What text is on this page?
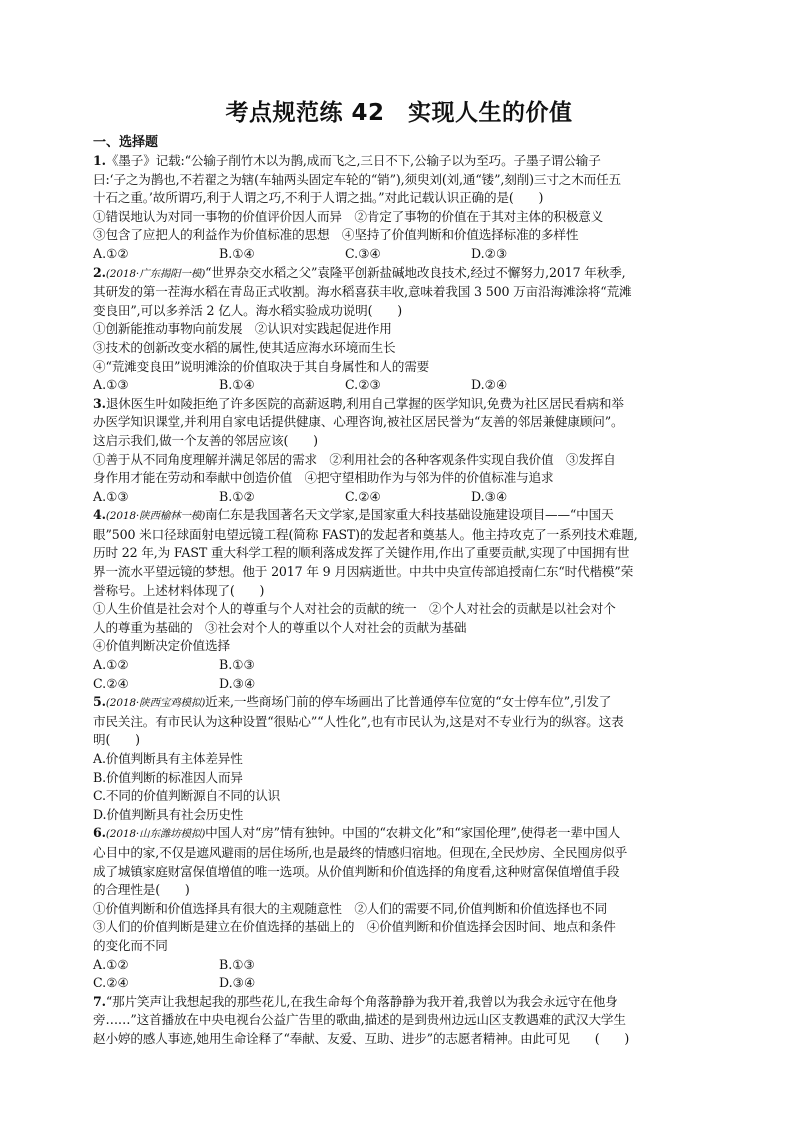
考点规范练 42　实现人生的价值
一、选择题

1.《墨子》记载:“公输子削竹木以为鹊,成而飞之,三日不下,公输子以为至巧。子墨子谓公输子

曰:‘子之为鹊也,不若翟之为辖(车轴两头固定车轮的“销”),须臾刘(刘,通“镂”,刻削)三寸之木而任五

十石之重。’故所谓巧,利于人谓之巧,不利于人谓之拙。”对此记载认识正确的是(　　)

①错误地认为对同一事物的价值评价因人而异　②肯定了事物的价值在于其对主体的积极意义

③包含了应把人的利益作为价值标准的思想　④坚持了价值判断和价值选择标准的多样性

A.①②	B.①④	C.③④	D.②③

2.(2018·广东揭阳一模)“世界杂交水稻之父”袁隆平创新盐碱地改良技术,经过不懈努力,2017 年秋季,

其研发的第一茬海水稻在青岛正式收割。海水稻喜获丰收,意味着我国 3 500 万亩沿海滩涂将“荒滩

变良田”,可以多养活 2 亿人。海水稻实验成功说明(　　)

①创新能推动事物向前发展　②认识对实践起促进作用

③技术的创新改变水稻的属性,使其适应海水环境而生长

④“荒滩变良田”说明滩涂的价值取决于其自身属性和人的需要

A.①③	B.①④	C.②③	D.②④

3.退休医生叶如陵拒绝了许多医院的高薪返聘,利用自己掌握的医学知识,免费为社区居民看病和举

办医学知识课堂,并利用自家电话提供健康、心理咨询,被社区居民誉为“友善的邻居兼健康顾问”。

这启示我们,做一个友善的邻居应该(　　)

①善于从不同角度理解并满足邻居的需求　②利用社会的各种客观条件实现自我价值　③发挥自

身作用才能在劳动和奉献中创造价值　④把守望相助作为与邻为伴的价值标准与追求

A.①③	B.①②	C.②④	D.③④

4.(2018·陕西榆林一模)南仁东是我国著名天文学家,是国家重大科技基础设施建设项目——“中国天

眼”500 米口径球面射电望远镜工程(简称 FAST)的发起者和奠基人。他主持攻克了一系列技术难题,

历时 22 年,为 FAST 重大科学工程的顺利落成发挥了关键作用,作出了重要贡献,实现了中国拥有世

界一流水平望远镜的梦想。他于 2017 年 9 月因病逝世。中共中央宣传部追授南仁东“时代楷模”荣

誉称号。上述材料体现了(　　)

①人生价值是社会对个人的尊重与个人对社会的贡献的统一　②个人对社会的贡献是以社会对个

人的尊重为基础的　③社会对个人的尊重以个人对社会的贡献为基础

④价值判断决定价值选择

A.①②	B.①③
C.②④	D.③④

5.(2018·陕西宝鸡模拟)近来,一些商场门前的停车场画出了比普通停车位宽的“女士停车位”,引发了

市民关注。有市民认为这种设置“很贴心”“人性化”,也有市民认为,这是对不专业行为的纵容。这表

明(　　)

A.价值判断具有主体差异性

B.价值判断的标准因人而异

C.不同的价值判断源自不同的认识

D.价值判断具有社会历史性

6.(2018·山东潍坊模拟)中国人对“房”情有独钟。中国的“农耕文化”和“家国伦理”,使得老一辈中国人

心目中的家,不仅是遮风避雨的居住场所,也是最终的情感归宿地。但现在,全民炒房、全民囤房似乎

成了城镇家庭财富保值增值的唯一选项。从价值判断和价值选择的角度看,这种财富保值增值手段

的合理性是(　　)

①价值判断和价值选择具有很大的主观随意性　②人们的需要不同,价值判断和价值选择也不同

③人们的价值判断是建立在价值选择的基础上的　④价值判断和价值选择会因时间、地点和条件

的变化而不同

A.①②	B.①③
C.②④	D.③④

7.“那片笑声让我想起我的那些花儿,在我生命每个角落静静为我开着,我曾以为我会永远守在他身

旁……”这首播放在中央电视台公益广告里的歌曲,描述的是到贵州边远山区支教遇难的武汉大学生

赵小婷的感人事迹,她用生命诠释了“奉献、友爱、互助、进步”的志愿者精神。由此可见　　(　　)
